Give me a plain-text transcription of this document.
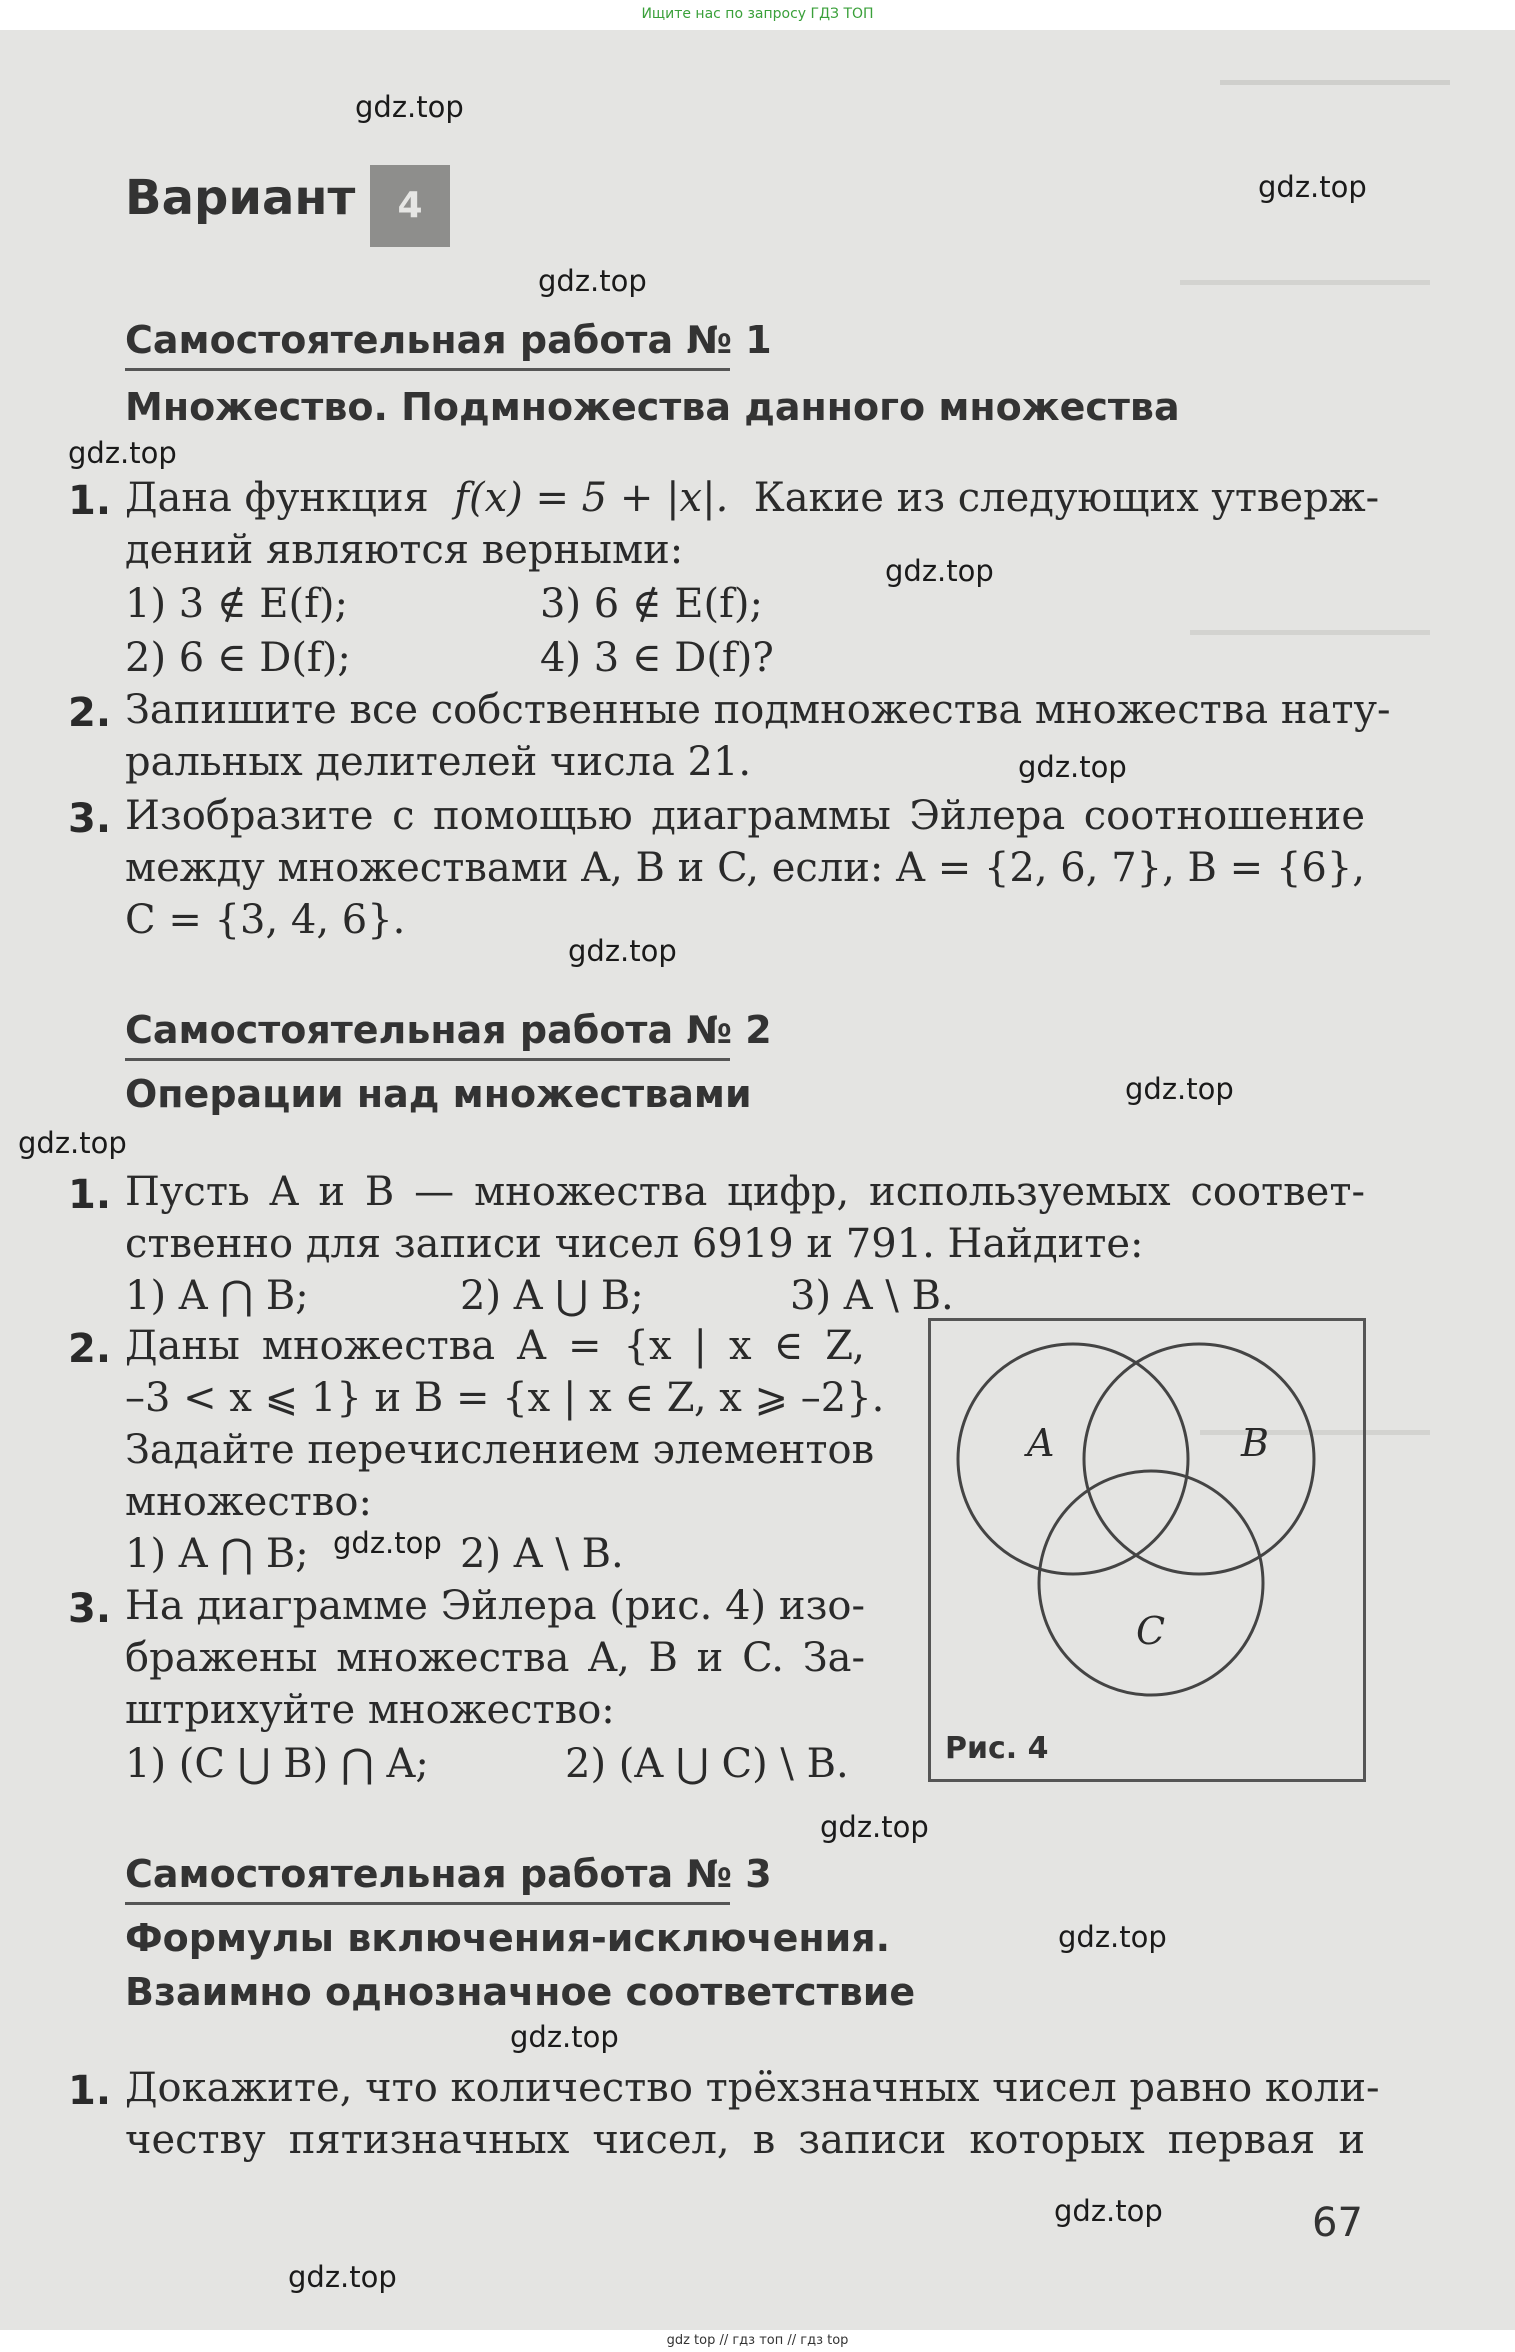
Ищите нас по запросу ГДЗ ТОП
Вариант	4
Самостоятельная работа № 1
Множество. Подмножества данного множества
1. Дана функция f(x) = 5 + |x|. Какие из следующих утверж-
дений являются верными:
1) 3 ∉ E(f);	3) 6 ∉ E(f);
2) 6 ∈ D(f);	4) 3 ∈ D(f)?
2. Запишите все собственные подмножества множества нату-
ральных делителей числа 21.
3. Изобразите с помощью диаграммы Эйлера соотношение
между множествами A, B и C, если: A = {2, 6, 7}, B = {6},
C = {3, 4, 6}.
Самостоятельная работа № 2
Операции над множествами
1. Пусть A и B — множества цифр, используемых соответ-
ственно для записи чисел 6919 и 791. Найдите:
1) A ⋂ B;	2) A ⋃ B;	3) A \ B.
2. Даны множества A = {x | x ∈ Z,
–3 < x ⩽ 1} и B = {x | x ∈ Z, x ⩾ –2}.
Задайте перечислением элементов
множество:
1) A ⋂ B;	2) A \ B.
3. На диаграмме Эйлера (рис. 4) изо-
бражены множества A, B и C. За-
штрихуйте множество:
1) (C ⋃ B) ⋂ A;	2) (A ⋃ C) \ B.
A	B
C
Рис. 4
Самостоятельная работа № 3
Формулы включения-исключения.
Взаимно однозначное соответствие
1. Докажите, что количество трёхзначных чисел равно коли-
честву пятизначных чисел, в записи которых первая и
67
gdz.top
gdz.top
gdz.top
gdz.top
gdz.top
gdz.top
gdz.top
gdz.top
gdz.top
gdz.top
gdz.top
gdz.top
gdz.top
gdz.top
gdz.top
gdz top // гдз топ // гдз top
